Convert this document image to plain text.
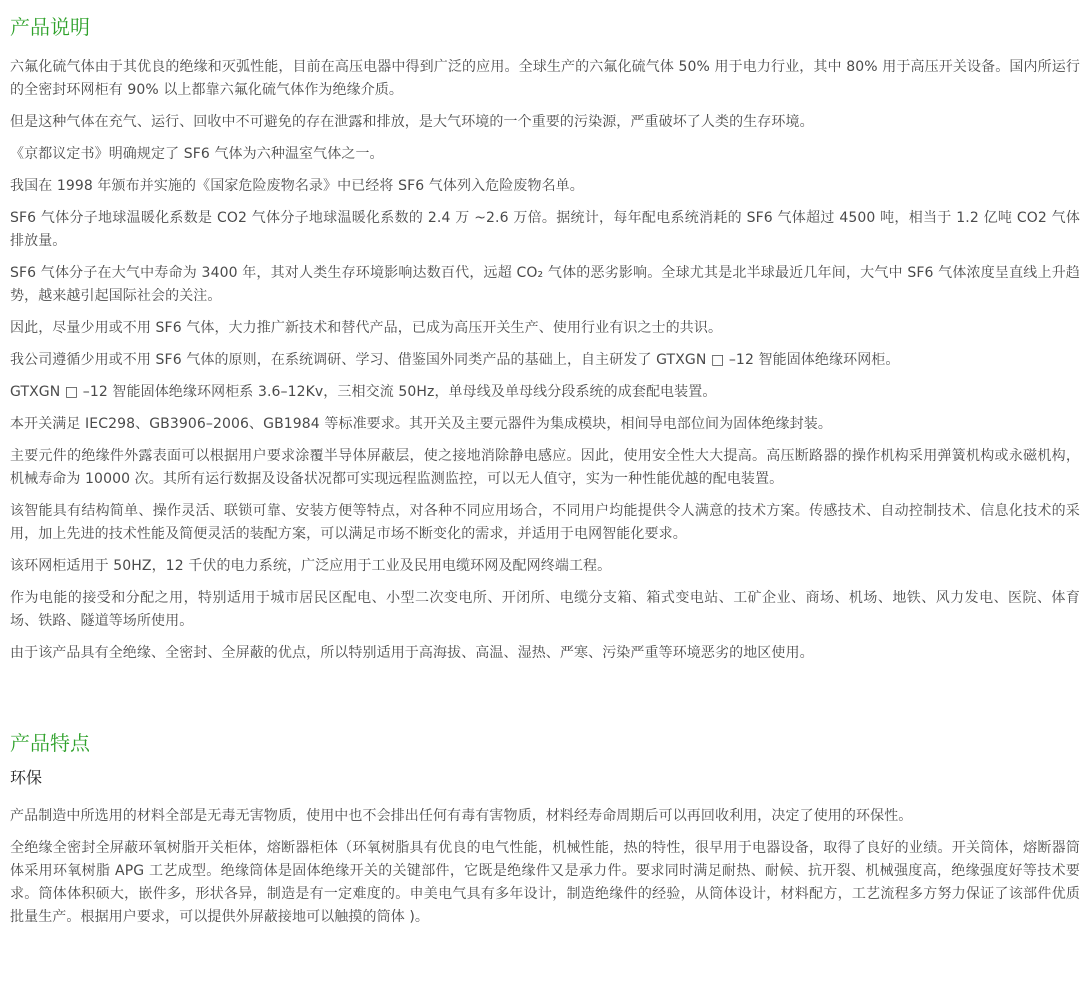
产品说明

六氟化硫气体由于其优良的绝缘和灭弧性能，目前在高压电器中得到广泛的应用。全球生产的六氟化硫气体 50% 用于电力行业，其中 80% 用于高压开关设备。国内所运行的全密封环网柜有 90% 以上都靠六氟化硫气体作为绝缘介质。

但是这种气体在充气、运行、回收中不可避免的存在泄露和排放，是大气环境的一个重要的污染源，严重破坏了人类的生存环境。

《京都议定书》明确规定了 SF6 气体为六种温室气体之一。

我国在 1998 年颁布并实施的《国家危险废物名录》中已经将 SF6 气体列入危险废物名单。

SF6 气体分子地球温暖化系数是 CO2 气体分子地球温暖化系数的 2.4 万 ~2.6 万倍。据统计，每年配电系统消耗的 SF6 气体超过 4500 吨，相当于 1.2 亿吨 CO2 气体排放量。

SF6 气体分子在大气中寿命为 3400 年，其对人类生存环境影响达数百代，远超 CO₂ 气体的恶劣影响。全球尤其是北半球最近几年间，大气中 SF6 气体浓度呈直线上升趋势，越来越引起国际社会的关注。

因此，尽量少用或不用 SF6 气体，大力推广新技术和替代产品，已成为高压开关生产、使用行业有识之士的共识。

我公司遵循少用或不用 SF6 气体的原则，在系统调研、学习、借鉴国外同类产品的基础上，自主研发了 GTXGN □ –12 智能固体绝缘环网柜。

GTXGN □ –12 智能固体绝缘环网柜系 3.6–12Kv，三相交流 50Hz，单母线及单母线分段系统的成套配电装置。

本开关满足 IEC298、GB3906–2006、GB1984 等标准要求。其开关及主要元器件为集成模块，相间导电部位间为固体绝缘封装。

主要元件的绝缘件外露表面可以根据用户要求涂覆半导体屏蔽层，使之接地消除静电感应。因此，使用安全性大大提高。高压断路器的操作机构采用弹簧机构或永磁机构，机械寿命为 10000 次。其所有运行数据及设备状况都可实现远程监测监控，可以无人值守，实为一种性能优越的配电装置。

该智能具有结构简单、操作灵活、联锁可靠、安装方便等特点，对各种不同应用场合，不同用户均能提供令人满意的技术方案。传感技术、自动控制技术、信息化技术的采用，加上先进的技术性能及简便灵活的装配方案，可以满足市场不断变化的需求，并适用于电网智能化要求。

该环网柜适用于 50HZ，12 千伏的电力系统，广泛应用于工业及民用电缆环网及配网终端工程。

作为电能的接受和分配之用，特别适用于城市居民区配电、小型二次变电所、开闭所、电缆分支箱、箱式变电站、工矿企业、商场、机场、地铁、风力发电、医院、体育场、铁路、隧道等场所使用。

由于该产品具有全绝缘、全密封、全屏蔽的优点，所以特别适用于高海拔、高温、湿热、严寒、污染严重等环境恶劣的地区使用。

产品特点
环保

产品制造中所选用的材料全部是无毒无害物质，使用中也不会排出任何有毒有害物质，材料经寿命周期后可以再回收利用，决定了使用的环保性。

全绝缘全密封全屏蔽环氧树脂开关柜体，熔断器柜体（环氧树脂具有优良的电气性能，机械性能，热的特性，很早用于电器设备，取得了良好的业绩。开关筒体，熔断器筒体采用环氧树脂 APG 工艺成型。绝缘筒体是固体绝缘开关的关键部件，它既是绝缘件又是承力件。要求同时满足耐热、耐候、抗开裂、机械强度高，绝缘强度好等技术要求。筒体体积硕大，嵌件多，形状各异，制造是有一定难度的。申美电气具有多年设计，制造绝缘件的经验，从筒体设计，材料配方，工艺流程多方努力保证了该部件优质批量生产。根据用户要求，可以提供外屏蔽接地可以触摸的筒体 )。
